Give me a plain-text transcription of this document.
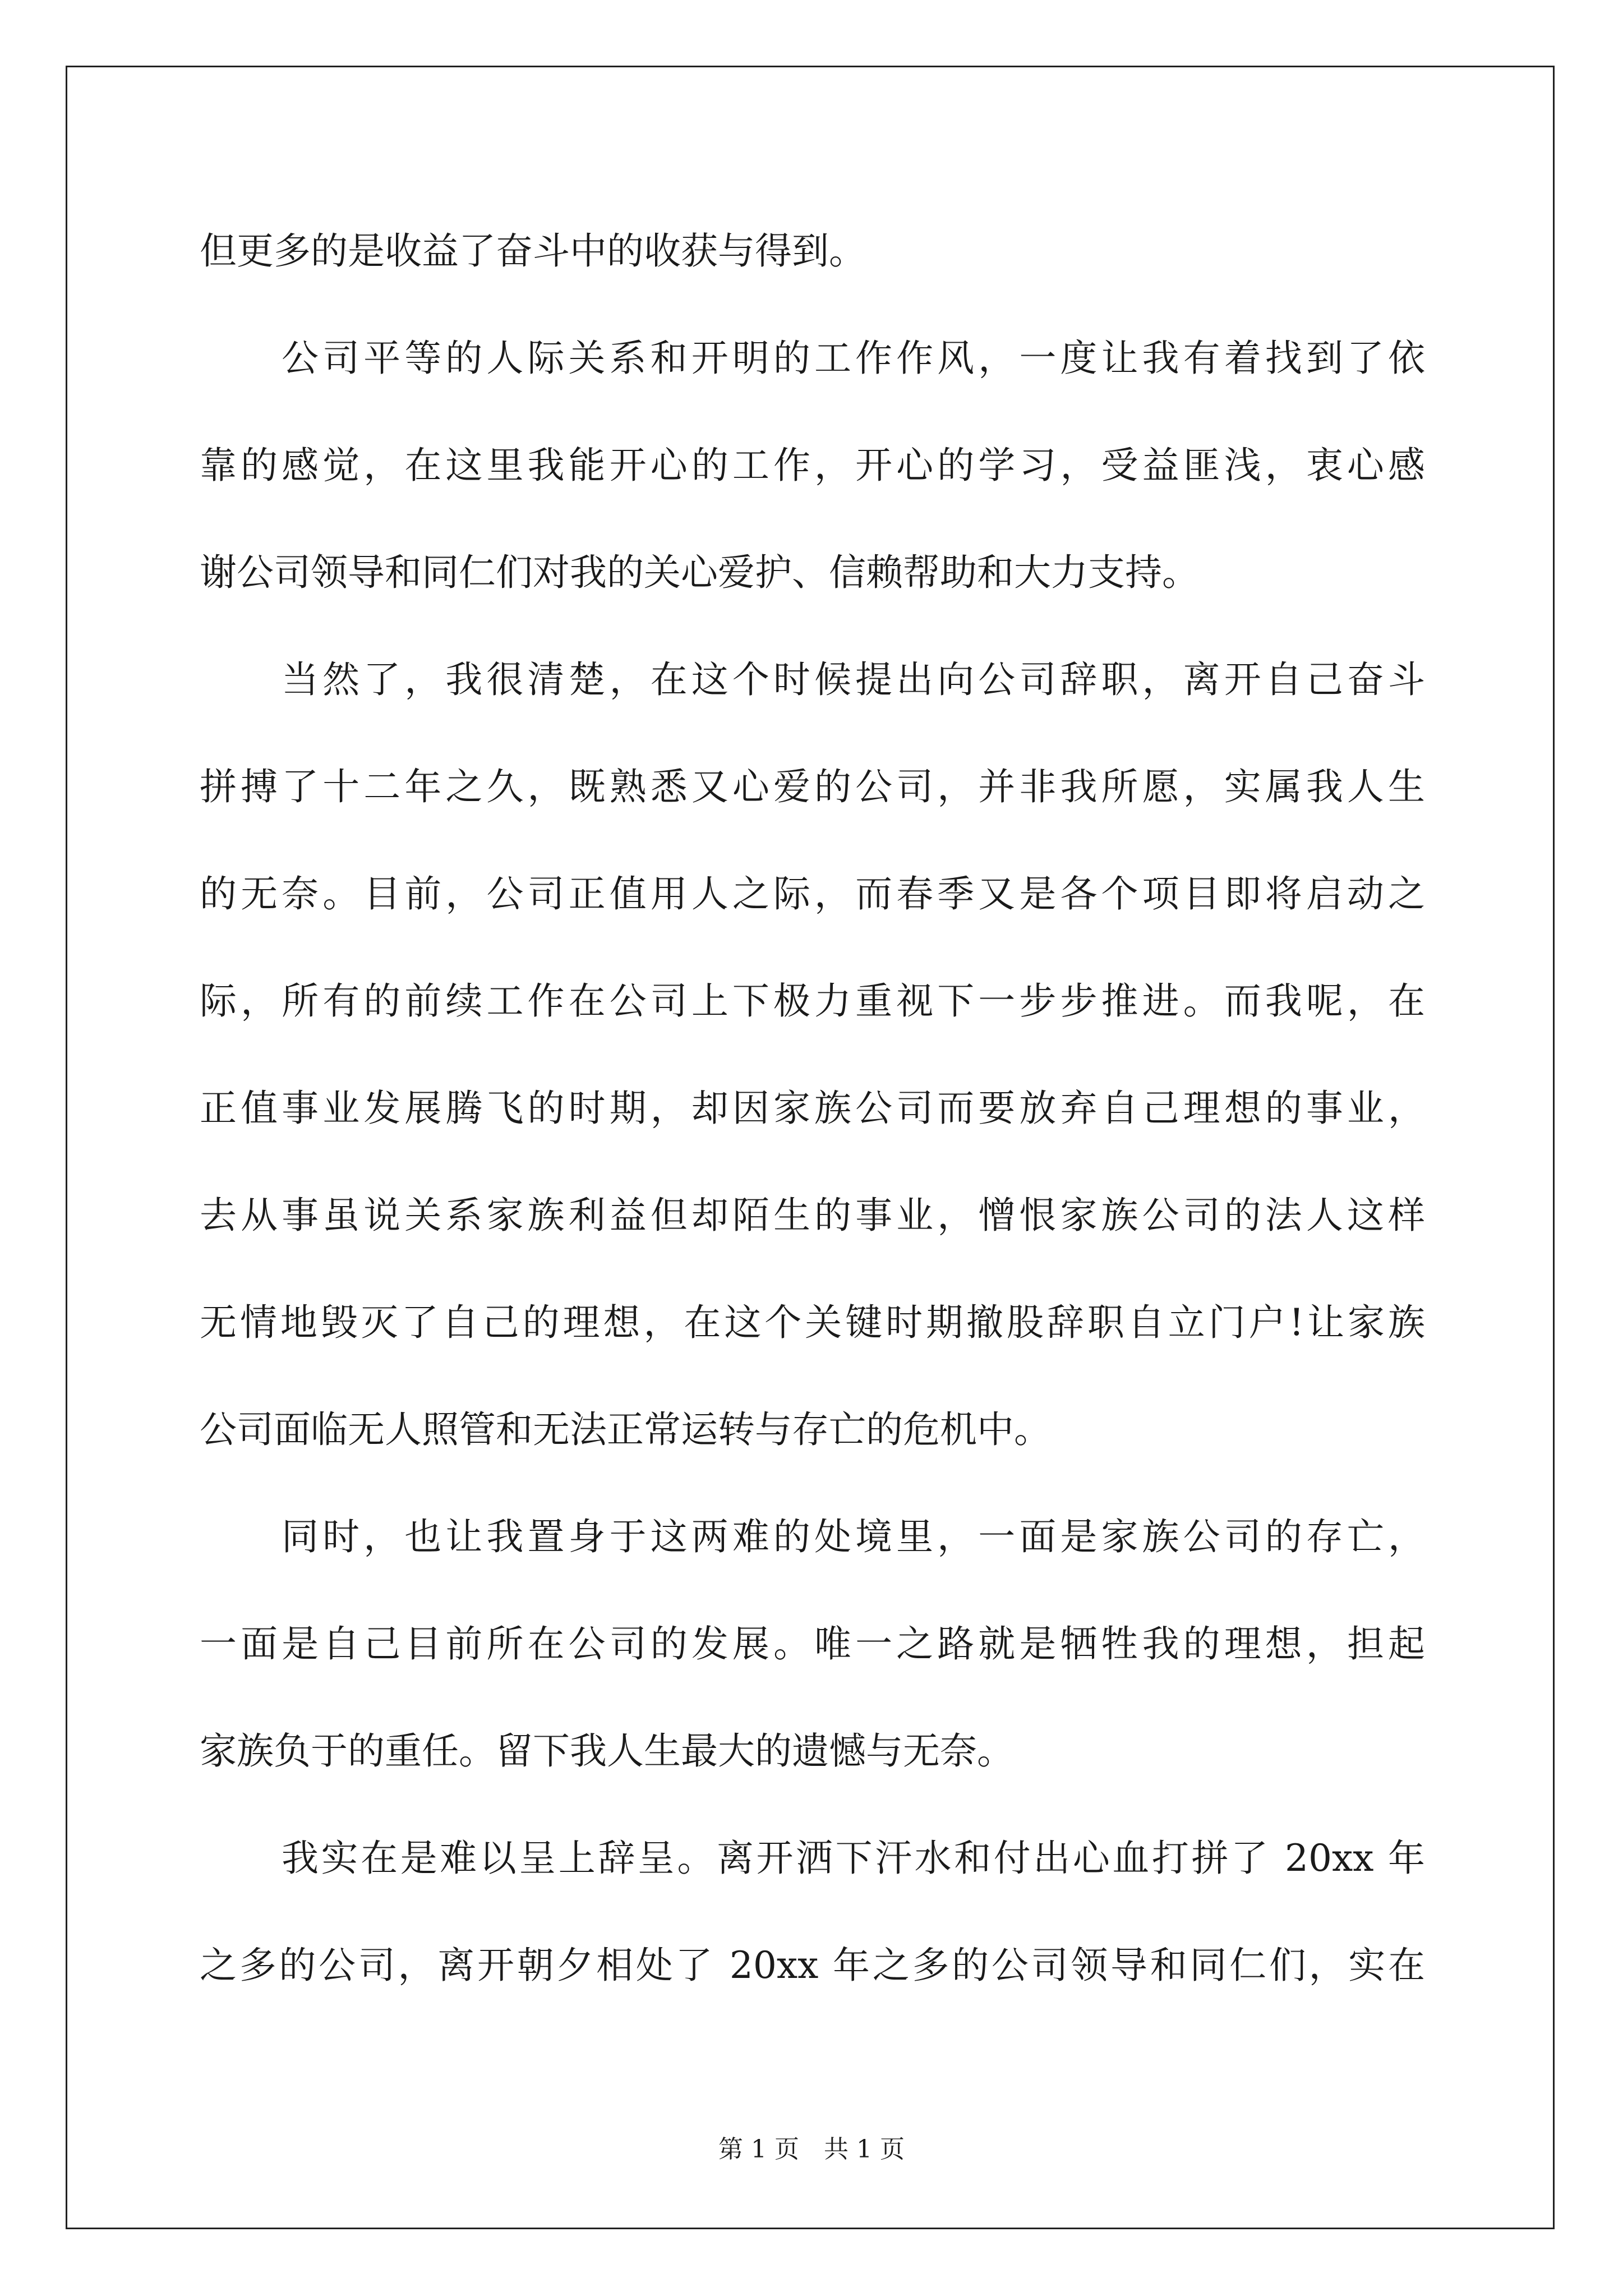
但更多的是收益了奋斗中的收获与得到。
公司平等的人际关系和开明的工作作风，一度让我有着找到了依
靠的感觉，在这里我能开心的工作，开心的学习，受益匪浅，衷心感
谢公司领导和同仁们对我的关心爱护、信赖帮助和大力支持。
当然了，我很清楚，在这个时候提出向公司辞职，离开自己奋斗
拼搏了十二年之久，既熟悉又心爱的公司，并非我所愿，实属我人生
的无奈。目前，公司正值用人之际，而春季又是各个项目即将启动之
际，所有的前续工作在公司上下极力重视下一步步推进。而我呢，在
正值事业发展腾飞的时期，却因家族公司而要放弃自己理想的事业，
去从事虽说关系家族利益但却陌生的事业，憎恨家族公司的法人这样
无情地毁灭了自己的理想，在这个关键时期撤股辞职自立门户!让家族
公司面临无人照管和无法正常运转与存亡的危机中。
同时，也让我置身于这两难的处境里，一面是家族公司的存亡，
一面是自己目前所在公司的发展。唯一之路就是牺牲我的理想，担起
家族负于的重任。留下我人生最大的遗憾与无奈。
我实在是难以呈上辞呈。离开洒下汗水和付出心血打拼了 20xx 年
之多的公司，离开朝夕相处了 20xx 年之多的公司领导和同仁们，实在
第 1 页　共 1 页
